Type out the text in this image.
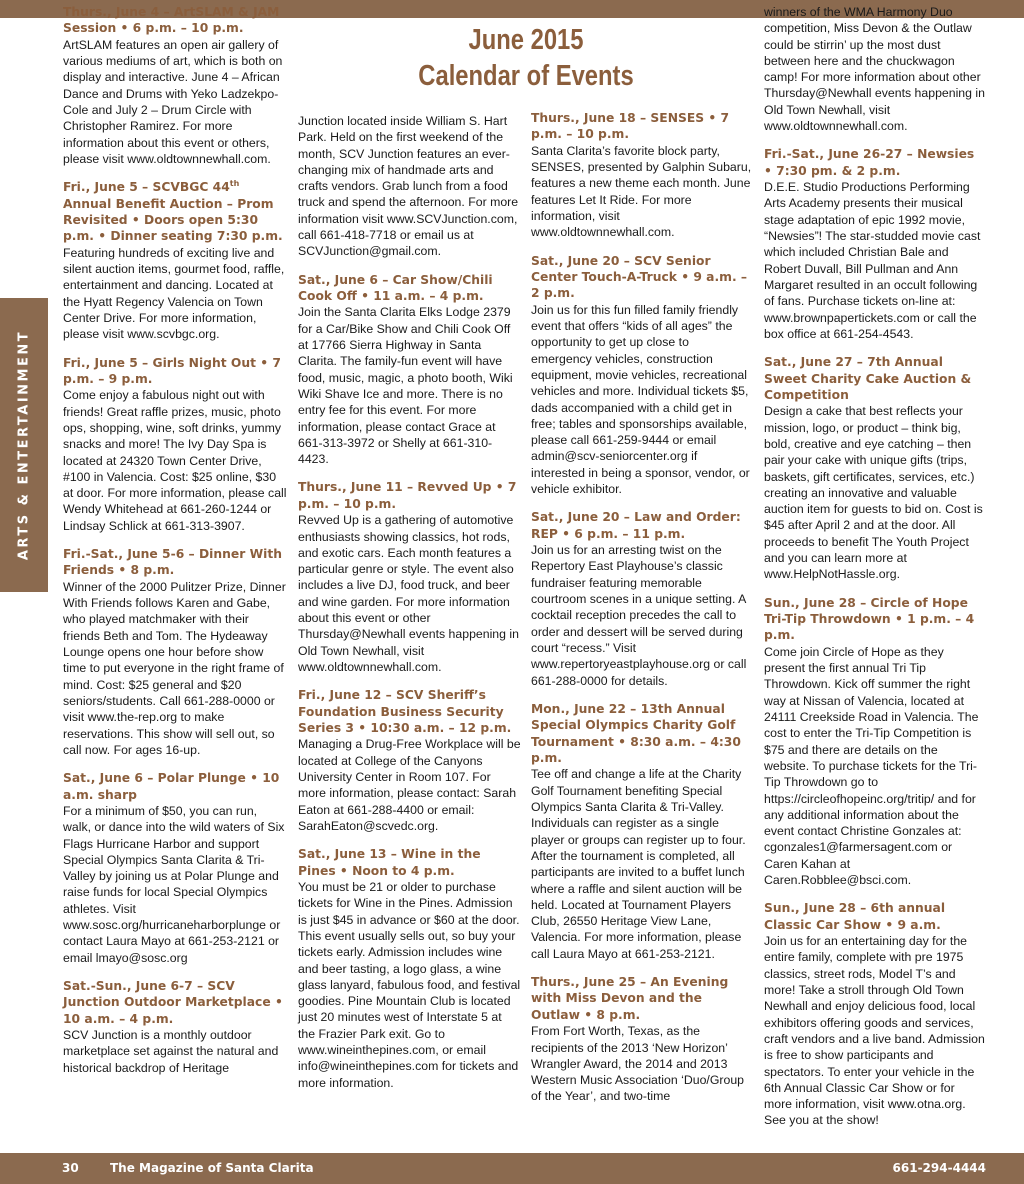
ARTS & ENTERTAINMENT
June 2015
Calendar of Events
Thurs., June 4 – ArtSLAM & JAM Session • 6 p.m. – 10 p.m.

ArtSLAM features an open air gallery of various mediums of art, which is both on display and interactive. June 4 – African Dance and Drums with Yeko Ladzekpo-Cole and July 2 – Drum Circle with Christopher Ramirez. For more information about this event or others, please visit www.oldtownnewhall.com.

Fri., June 5 – SCVBGC 44th Annual Benefit Auction – Prom Revisited • Doors open 5:30 p.m. • Dinner seating 7:30 p.m.

Featuring hundreds of exciting live and silent auction items, gourmet food, raffle, entertainment and dancing. Located at the Hyatt Regency Valencia on Town Center Drive. For more information, please visit www.scvbgc.org.

Fri., June 5 – Girls Night Out • 7 p.m. – 9 p.m.

Come enjoy a fabulous night out with friends! Great raffle prizes, music, photo ops, shopping, wine, soft drinks, yummy snacks and more! The Ivy Day Spa is located at 24320 Town Center Drive, #100 in Valencia. Cost: $25 online, $30 at door. For more information, please call Wendy Whitehead at 661-260-1244 or Lindsay Schlick at 661-313-3907.

Fri.-Sat., June 5-6 – Dinner With Friends • 8 p.m.

Winner of the 2000 Pulitzer Prize, Dinner With Friends follows Karen and Gabe, who played matchmaker with their friends Beth and Tom. The Hydeaway Lounge opens one hour before show time to put everyone in the right frame of mind. Cost: $25 general and $20 seniors/students. Call 661-288-0000 or visit www.the-rep.org to make reservations. This show will sell out, so call now. For ages 16-up.

Sat., June 6 – Polar Plunge • 10 a.m. sharp

For a minimum of $50, you can run, walk, or dance into the wild waters of Six Flags Hurricane Harbor and support Special Olympics Santa Clarita & Tri-Valley by joining us at Polar Plunge and raise funds for local Special Olympics athletes. Visit www.sosc.org/hurricaneharborplunge or contact Laura Mayo at 661-253-2121 or email lmayo@sosc.org

Sat.-Sun., June 6-7 – SCV Junction Outdoor Marketplace • 10 a.m. – 4 p.m.

SCV Junction is a monthly outdoor marketplace set against the natural and historical backdrop of Heritage

Junction located inside William S. Hart Park. Held on the first weekend of the month, SCV Junction features an ever-changing mix of handmade arts and crafts vendors. Grab lunch from a food truck and spend the afternoon. For more information visit www.SCVJunction.com, call 661-418-7718 or email us at SCVJunction@gmail.com.

Sat., June 6 – Car Show/Chili Cook Off • 11 a.m. – 4 p.m.

Join the Santa Clarita Elks Lodge 2379 for a Car/Bike Show and Chili Cook Off at 17766 Sierra Highway in Santa Clarita. The family-fun event will have food, music, magic, a photo booth, Wiki Wiki Shave Ice and more. There is no entry fee for this event. For more information, please contact Grace at 661-313-3972 or Shelly at 661-310-4423.

Thurs., June 11 – Revved Up • 7 p.m. – 10 p.m.

Revved Up is a gathering of automotive enthusiasts showing classics, hot rods, and exotic cars. Each month features a particular genre or style. The event also includes a live DJ, food truck, and beer and wine garden. For more information about this event or other Thursday@Newhall events happening in Old Town Newhall, visit www.oldtownnewhall.com.

Fri., June 12 – SCV Sheriff’s Foundation Business Security Series 3 • 10:30 a.m. – 12 p.m.

Managing a Drug-Free Workplace will be located at College of the Canyons University Center in Room 107. For more information, please contact: Sarah Eaton at 661-288-4400 or email: SarahEaton@scvedc.org.

Sat., June 13 – Wine in the Pines • Noon to 4 p.m.

You must be 21 or older to purchase tickets for Wine in the Pines. Admission is just $45 in advance or $60 at the door. This event usually sells out, so buy your tickets early. Admission includes wine and beer tasting, a logo glass, a wine glass lanyard, fabulous food, and festival goodies. Pine Mountain Club is located just 20 minutes west of Interstate 5 at the Frazier Park exit. Go to www.wineinthepines.com, or email info@wineinthepines.com for tickets and more information.

Thurs., June 18 – SENSES • 7 p.m. – 10 p.m.

Santa Clarita’s favorite block party, SENSES, presented by Galphin Subaru, features a new theme each month. June features Let It Ride. For more information, visit www.oldtownnewhall.com.

Sat., June 20 – SCV Senior Center Touch-A-Truck • 9 a.m. – 2 p.m.

Join us for this fun filled family friendly event that offers “kids of all ages” the opportunity to get up close to emergency vehicles, construction equipment, movie vehicles, recreational vehicles and more. Individual tickets $5, dads accompanied with a child get in free; tables and sponsorships available, please call 661-259-9444 or email admin@scv-seniorcenter.org if interested in being a sponsor, vendor, or vehicle exhibitor.

Sat., June 20 – Law and Order: REP • 6 p.m. – 11 p.m.

Join us for an arresting twist on the Repertory East Playhouse’s classic fundraiser featuring memorable courtroom scenes in a unique setting. A cocktail reception precedes the call to order and dessert will be served during court “recess.” Visit www.repertoryeastplayhouse.org or call 661-288-0000 for details.

Mon., June 22 – 13th Annual Special Olympics Charity Golf Tournament • 8:30 a.m. – 4:30 p.m.

Tee off and change a life at the Charity Golf Tournament benefiting Special Olympics Santa Clarita & Tri-Valley. Individuals can register as a single player or groups can register up to four. After the tournament is completed, all participants are invited to a buffet lunch where a raffle and silent auction will be held. Located at Tournament Players Club, 26550 Heritage View Lane, Valencia. For more information, please call Laura Mayo at 661-253-2121.

Thurs., June 25 – An Evening with Miss Devon and the Outlaw • 8 p.m.

From Fort Worth, Texas, as the recipients of the 2013 ‘New Horizon’ Wrangler Award, the 2014 and 2013 Western Music Association ‘Duo/Group of the Year’, and two-time

winners of the WMA Harmony Duo competition, Miss Devon & the Outlaw could be stirrin’ up the most dust between here and the chuckwagon camp! For more information about other Thursday@Newhall events happening in Old Town Newhall, visit www.oldtownnewhall.com.

Fri.-Sat., June 26-27 – Newsies • 7:30 pm. & 2 p.m.

D.E.E. Studio Productions Performing Arts Academy presents their musical stage adaptation of epic 1992 movie, “Newsies”! The star-studded movie cast which included Christian Bale and Robert Duvall, Bill Pullman and Ann Margaret resulted in an occult following of fans. Purchase tickets on-line at: www.brownpapertickets.com or call the box office at 661-254-4543.

Sat., June 27 – 7th Annual Sweet Charity Cake Auction & Competition

Design a cake that best reflects your mission, logo, or product – think big, bold, creative and eye catching – then pair your cake with unique gifts (trips, baskets, gift certificates, services, etc.) creating an innovative and valuable auction item for guests to bid on. Cost is $45 after April 2 and at the door. All proceeds to benefit The Youth Project and you can learn more at www.HelpNotHassle.org.

Sun., June 28 – Circle of Hope Tri-Tip Throwdown • 1 p.m. – 4 p.m.

Come join Circle of Hope as they present the first annual Tri Tip Throwdown. Kick off summer the right way at Nissan of Valencia, located at 24111 Creekside Road in Valencia. The cost to enter the Tri-Tip Competition is $75 and there are details on the website. To purchase tickets for the Tri-Tip Throwdown go to https://circleofhopeinc.org/tritip/ and for any additional information about the event contact Christine Gonzales at: cgonzales1@farmersagent.com or Caren Kahan at Caren.Robblee@bsci.com.

Sun., June 28 – 6th annual Classic Car Show • 9 a.m.

Join us for an entertaining day for the entire family, complete with pre 1975 classics, street rods, Model T’s and more! Take a stroll through Old Town Newhall and enjoy delicious food, local exhibitors offering goods and services, craft vendors and a live band. Admission is free to show participants and spectators. To enter your vehicle in the 6th Annual Classic Car Show or for more information, visit www.otna.org. See you at the show!

30	The Magazine of Santa Clarita	661-294-4444
